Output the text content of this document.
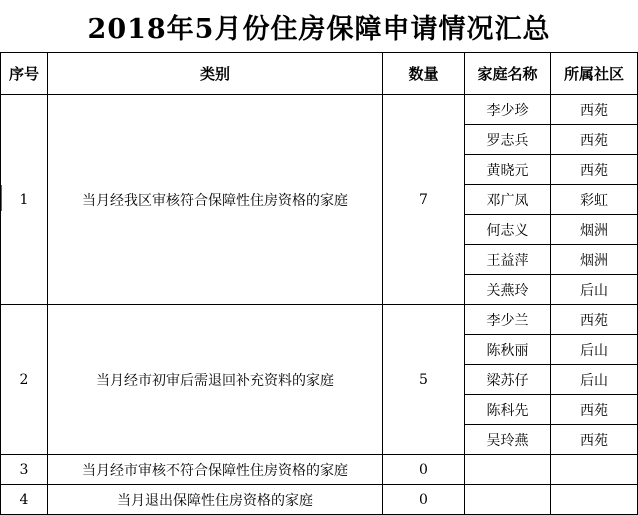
2018年5月份住房保障申请情况汇总
序号	类别	数量	家庭名称	所属社区
1	当月经我区审核符合保障性住房资格的家庭	7	李少珍	西苑
			罗志兵	西苑
			黄晓元	西苑
			邓广凤	彩虹
			何志义	烟洲
			王益萍	烟洲
			关燕玲	后山
2	当月经市初审后需退回补充资料的家庭	5	李少兰	西苑
			陈秋丽	后山
			梁苏仔	后山
			陈科先	西苑
			吴玲燕	西苑
3	当月经市审核不符合保障性住房资格的家庭	0		
4	当月退出保障性住房资格的家庭	0		
